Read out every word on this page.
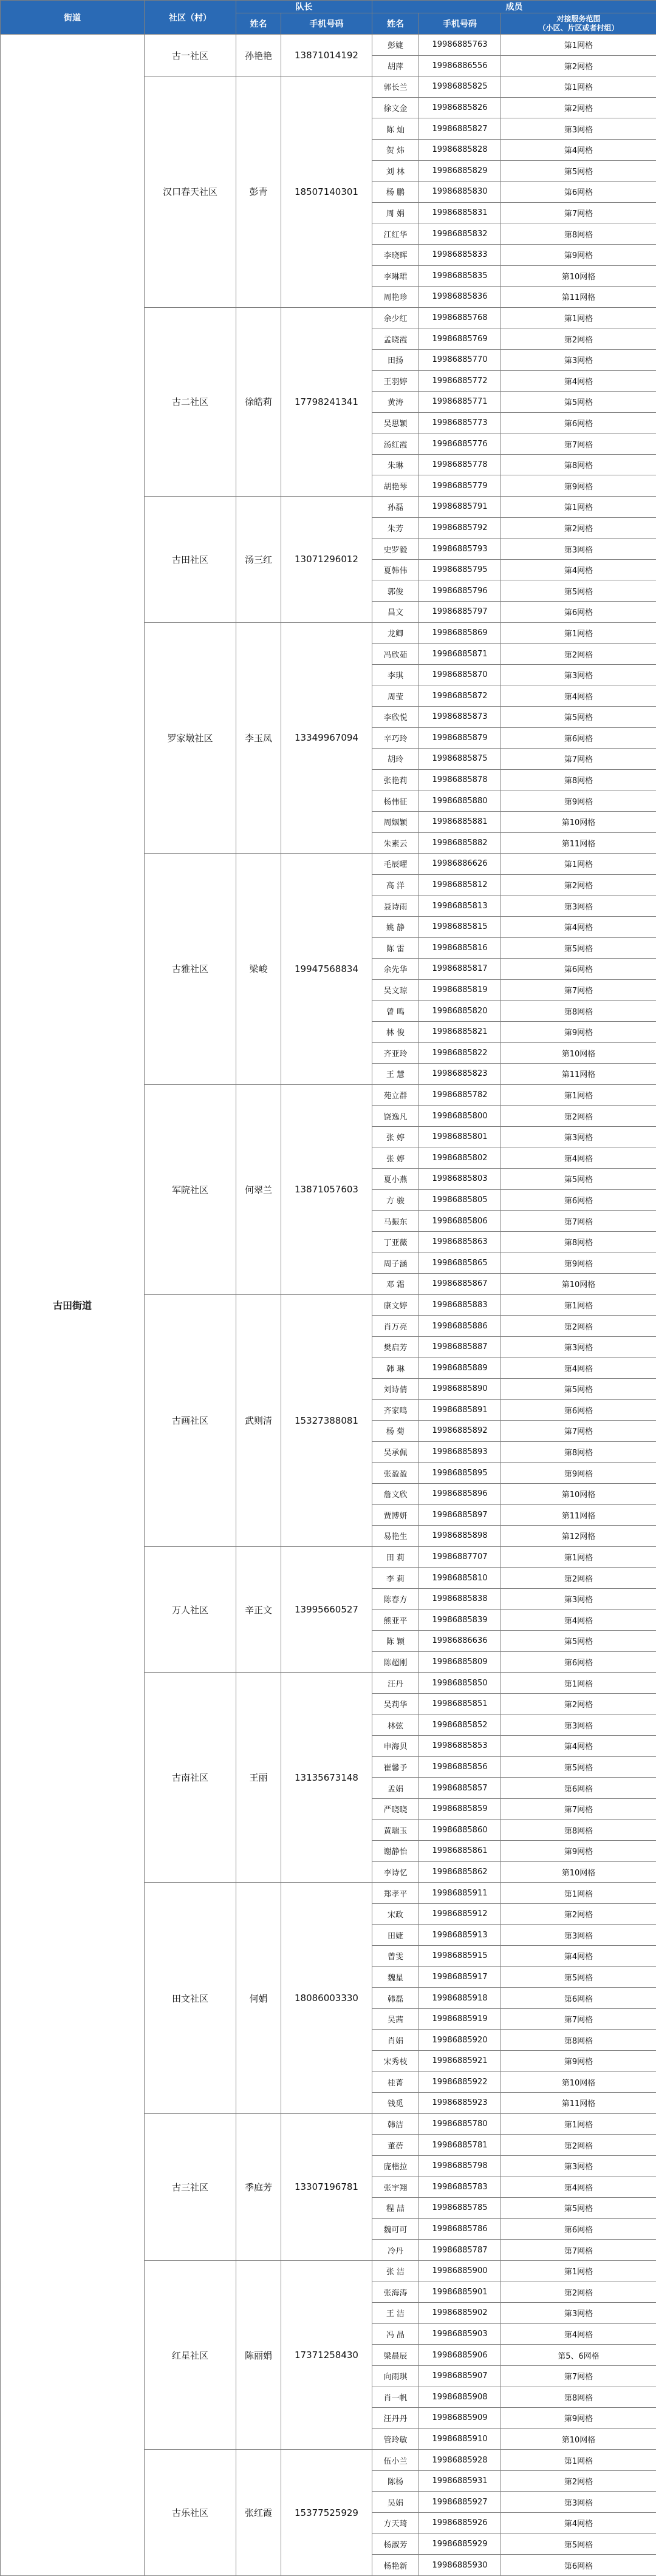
街道	社区（村）	队长		成员		
		姓名	手机号码	姓名	手机号码	对接服务范围
（小区、片区或者村组）
古田街道	古一社区	孙艳艳	13871014192	彭婕	19986885763	第1网格
				胡萍	19986886556	第2网格
	汉口春天社区	彭青	18507140301	郭长兰	19986885825	第1网格
				徐文金	19986885826	第2网格
				陈 灿	19986885827	第3网格
				贺 炜	19986885828	第4网格
				刘 林	19986885829	第5网格
				杨 鹏	19986885830	第6网格
				周 娟	19986885831	第7网格
				江红华	19986885832	第8网格
				李晓晖	19986885833	第9网格
				李琳珺	19986885835	第10网格
				周艳珍	19986885836	第11网格
	古二社区	徐皓莉	17798241341	余少红	19986885768	第1网格
				孟晓霞	19986885769	第2网格
				田扬	19986885770	第3网格
				王羽婷	19986885772	第4网格
				黄涛	19986885771	第5网格
				吴思颖	19986885773	第6网格
				汤红霞	19986885776	第7网格
				朱琳	19986885778	第8网格
				胡艳琴	19986885779	第9网格
	古田社区	汤三红	13071296012	孙磊	19986885791	第1网格
				朱芳	19986885792	第2网格
				史罗毅	19986885793	第3网格
				夏韩伟	19986885795	第4网格
				郭俊	19986885796	第5网格
				昌文	19986885797	第6网格
	罗家墩社区	李玉凤	13349967094	龙卿	19986885869	第1网格
				冯欣茹	19986885871	第2网格
				李琪	19986885870	第3网格
				周莹	19986885872	第4网格
				李欣悦	19986885873	第5网格
				辛巧玲	19986885879	第6网格
				胡玲	19986885875	第7网格
				张艳莉	19986885878	第8网格
				杨伟征	19986885880	第9网格
				周姻颖	19986885881	第10网格
				朱素云	19986885882	第11网格
	古雅社区	梁峻	19947568834	毛辰曜	19986886626	第1网格
				高 洋	19986885812	第2网格
				聂诗雨	19986885813	第3网格
				姚 静	19986885815	第4网格
				陈 雷	19986885816	第5网格
				余先华	19986885817	第6网格
				吴文琼	19986885819	第7网格
				曾 鸣	19986885820	第8网格
				林 俊	19986885821	第9网格
				齐亚玲	19986885822	第10网格
				王 慧	19986885823	第11网格
	军院社区	何翠兰	13871057603	苑立群	19986885782	第1网格
				饶逸凡	19986885800	第2网格
				张 婷	19986885801	第3网格
				张 婷	19986885802	第4网格
				夏小燕	19986885803	第5网格
				方 骏	19986885805	第6网格
				马振东	19986885806	第7网格
				丁亚薇	19986885863	第8网格
				周子涵	19986885865	第9网格
				邓 霜	19986885867	第10网格
	古画社区	武则清	15327388081	康文婷	19986885883	第1网格
				肖万亮	19986885886	第2网格
				樊启芳	19986885887	第3网格
				韩 琳	19986885889	第4网格
				刘诗倩	19986885890	第5网格
				齐家鸣	19986885891	第6网格
				杨 菊	19986885892	第7网格
				吴承佩	19986885893	第8网格
				张盈盈	19986885895	第9网格
				詹文欣	19986885896	第10网格
				贾博妍	19986885897	第11网格
				易艳生	19986885898	第12网格
	万人社区	辛正文	13995660527	田 莉	19986887707	第1网格
				李 莉	19986885810	第2网格
				陈春方	19986885838	第3网格
				熊亚平	19986885839	第4网格
				陈 颖	19986886636	第5网格
				陈超刚	19986885809	第6网格
	古南社区	王丽	13135673148	汪丹	19986885850	第1网格
				吴莉华	19986885851	第2网格
				林弦	19986885852	第3网格
				申海贝	19986885853	第4网格
				崔馨予	19986885856	第5网格
				孟娟	19986885857	第6网格
				严晓晓	19986885859	第7网格
				黄瑞玉	19986885860	第8网格
				谢静怡	19986885861	第9网格
				李诗忆	19986885862	第10网格
	田文社区	何娟	18086003330	郑孝平	19986885911	第1网格
				宋政	19986885912	第2网格
				田婕	19986885913	第3网格
				曾雯	19986885915	第4网格
				魏星	19986885917	第5网格
				韩磊	19986885918	第6网格
				吴茜	19986885919	第7网格
				肖娟	19986885920	第8网格
				宋秀枝	19986885921	第9网格
				桂菁	19986885922	第10网格
				钱觅	19986885923	第11网格
	古三社区	季庭芳	13307196781	韩洁	19986885780	第1网格
				董蓓	19986885781	第2网格
				庞楷拉	19986885798	第3网格
				张宇翔	19986885783	第4网格
				程 喆	19986885785	第5网格
				魏可可	19986885786	第6网格
				冷丹	19986885787	第7网格
	红星社区	陈丽娟	17371258430	张 洁	19986885900	第1网格
				张海涛	19986885901	第2网格
				王 洁	19986885902	第3网格
				冯 晶	19986885903	第4网格
				梁晨辰	19986885906	第5、6网格
				向雨琪	19986885907	第7网格
				肖一帆	19986885908	第8网格
				汪丹丹	19986885909	第9网格
				管玲敏	19986885910	第10网格
	古乐社区	张红霞	15377525929	伍小兰	19986885928	第1网格
				陈杨	19986885931	第2网格
				吴娟	19986885927	第3网格
				方天琦	19986885926	第4网格
				杨淑芳	19986885929	第5网格
				杨艳新	19986885930	第6网格
